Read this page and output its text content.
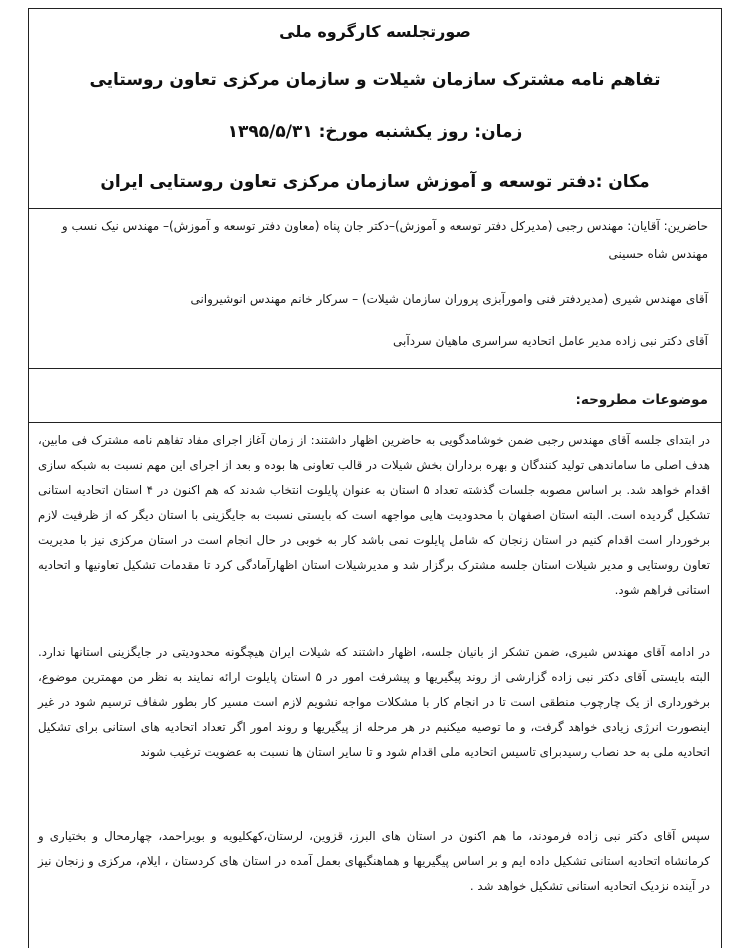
صورتجلسه کارگروه ملی
تفاهم نامه مشترک سازمان شیلات و سازمان مرکزی تعاون روستایی
زمان: روز یکشنبه مورخ: ۱۳۹۵/۵/۳۱
مکان :دفتر توسعه و آموزش سازمان مرکزی تعاون روستایی ایران
حاضرین: آقایان: مهندس رجبی (مدیرکل دفتر توسعه و آموزش)–دکتر جان پناه (معاون دفتر توسعه و آموزش)– مهندس نیک نسب و
مهندس شاه حسینی
آقای مهندس شیری (مدیردفتر فنی وامورآبزی پروران سازمان شیلات) – سرکار خانم مهندس انوشیروانی
آقای دکتر نبی زاده مدیر عامل اتحادیه سراسری ماهیان سردآبی
موضوعات مطروحه:
در ابتدای جلسه آقای مهندس رجبی ضمن خوشامدگویی به حاضرین اظهار داشتند: از زمان آغاز اجرای مفاد تفاهم نامه مشترک فی مابین، هدف اصلی ما ساماندهی تولید کنندگان و بهره برداران بخش شیلات در قالب تعاونی ها بوده و بعد از اجرای این مهم نسبت به شبکه سازی اقدام خواهد شد. بر اساس مصوبه جلسات گذشته تعداد ۵ استان به عنوان پایلوت انتخاب شدند که هم اکنون در ۴ استان اتحادیه استانی تشکیل گردیده است. البته استان اصفهان با محدودیت هایی مواجهه است که بایستی نسبت به جایگزینی با استان دیگر که از ظرفیت لازم برخوردار است اقدام کنیم در استان زنجان که شامل پایلوت نمی باشد کار به خوبی در حال انجام است در استان مرکزی نیز با مدیریت تعاون روستایی و مدیر شیلات استان جلسه مشترک برگزار شد و مدیرشیلات استان اظهارآمادگی کرد تا مقدمات تشکیل تعاونیها و اتحادیه استانی فراهم شود.
در ادامه آقای مهندس شیری، ضمن تشکر از بانیان جلسه، اظهار داشتند که شیلات ایران هیچگونه محدودیتی در جایگزینی استانها ندارد. البته بایستی آقای دکتر نبی زاده گزارشی از روند پیگیریها و پیشرفت امور در ۵ استان پایلوت ارائه نمایند به نظر من مهمترین موضوع، برخورداری از یک چارچوب منطقی است تا در انجام کار با مشکلات مواجه نشویم لازم است مسیر کار بطور شفاف ترسیم شود در غیر اینصورت انرژی زیادی خواهد گرفت، و ما توصیه میکنیم در هر مرحله از پیگیریها و روند امور اگر تعداد اتحادیه های استانی برای تشکیل اتحادیه ملی به حد نصاب رسیدبرای تاسیس اتحادیه ملی اقدام شود و تا سایر استان ها نسبت به عضویت ترغیب شوند
سپس آقای دکتر نبی زاده فرمودند، ما هم اکنون در استان های البرز، قزوین، لرستان،کهکلیویه و بویراحمد، چهارمحال و بختیاری و کرمانشاه اتحادیه استانی تشکیل داده ایم و بر اساس پیگیریها و هماهنگیهای بعمل آمده در استان های کردستان ، ایلام، مرکزی و زنجان نیز در آینده نزدیک اتحادیه استانی تشکیل خواهد شد .
